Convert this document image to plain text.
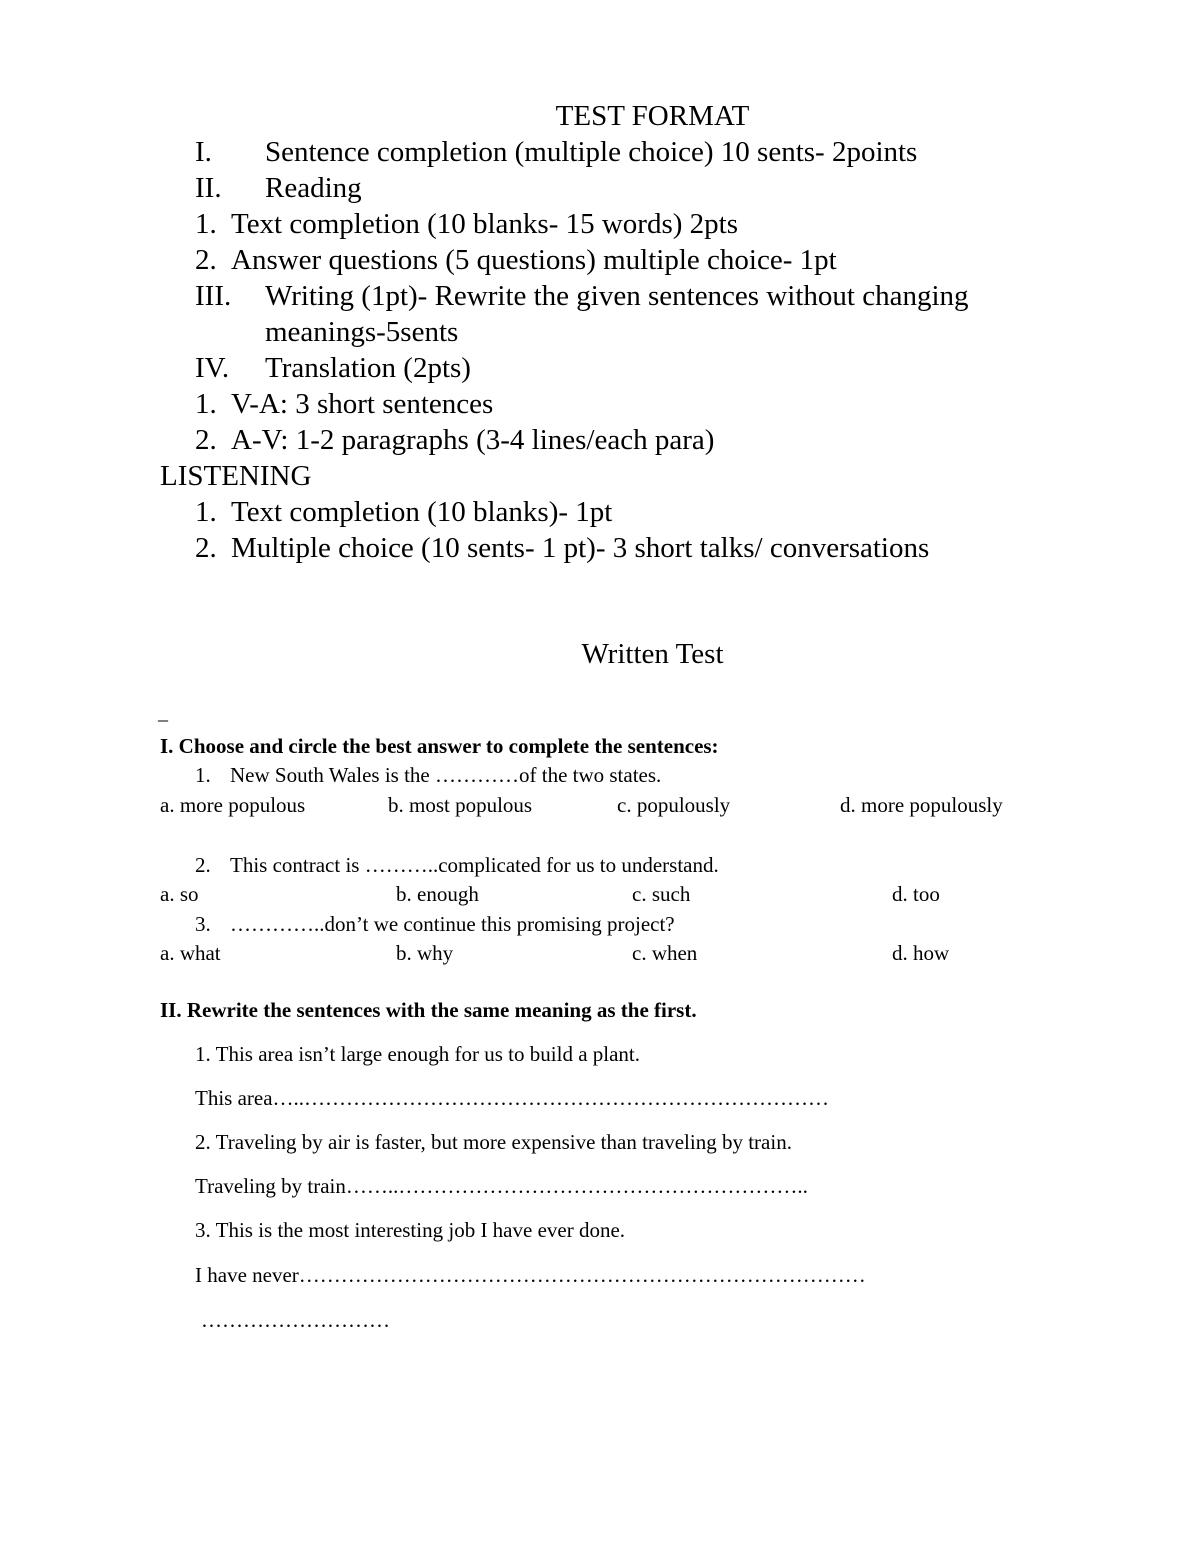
TEST FORMAT
I. Sentence completion (multiple choice) 10 sents- 2points
II. Reading
1. Text completion (10 blanks- 15 words) 2pts
2. Answer questions (5 questions) multiple choice- 1pt
III. Writing (1pt)- Rewrite the given sentences without changing
meanings-5sents
IV. Translation (2pts)
1. V-A: 3 short sentences
2. A-V: 1-2 paragraphs (3-4 lines/each para)
LISTENING
1. Text completion (10 blanks)- 1pt
2. Multiple choice (10 sents- 1 pt)- 3 short talks/ conversations
Written Test
_
I. Choose and circle the best answer to complete the sentences:
1. New South Wales is the …………of the two states.
a. more populous	b. most populous	c. populously	d. more populously
2. This contract is ………..complicated for us to understand.
a. so	b. enough	c. such	d. too
3. …………..don’t we continue this promising project?
a. what	b. why	c. when	d. how
II. Rewrite the sentences with the same meaning as the first.
1. This area isn’t large enough for us to build a plant.
This area…..…………………………………………………………………
2. Traveling by air is faster, but more expensive than traveling by train.
Traveling by train……..…………………………………………………..
3. This is the most interesting job I have ever done.
I have never………………………………………………………………………
………………………
